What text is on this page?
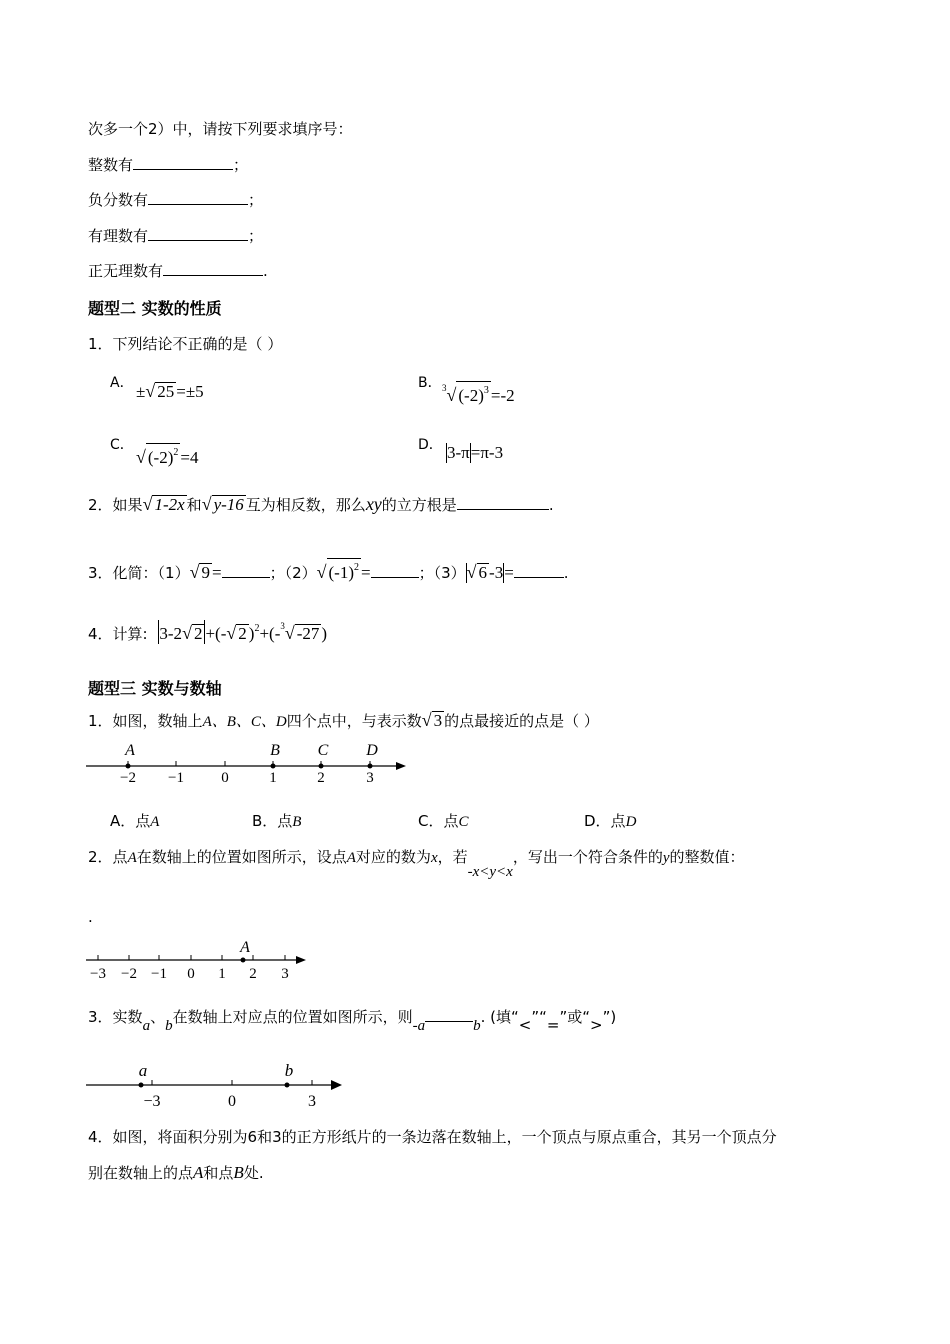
次多一个2）中，请按下列要求填序号：
整数有	；
负分数有	；
有理数有	；
正无理数有	.
题型二 实数的性质
1．下列结论不正确的是（ ）
A． ±√ 25 =±5	B． $^3$√ $(-2)^3 =-2$
C．
√ $(-2)^2 =4$
D． 3-π=π-3
2．如果√ 1-2x 和√ y-16 互为相反数，那么xy的立方根是	.
3．化简：（1）√ 9 =	；（2）√ $(-1)^2$ =	；（3）√ 6 -3=	.
4．计算: 3-2√ 2 +(-√ 2 )$^2$+(-$^3$√ -27 )
题型三 实数与数轴
1．如图，数轴上A、B、C、D四个点中，与表示数√ 3 的点最接近的点是（ ）
−2 −1 0	1	2	3
A	B C D
A．点A	B．点B	C．点C	D．点D
2．点A在数轴上的位置如图所示，设点A对应的数为x，若-x<y<x，写出一个符合条件的y的整数值：
.
−3 −2 −1 0 1 2 3
A
3．实数a、b在数轴上对应点的位置如图所示，则-a	b. (填“<”“=”或“>”)
−3	0	3
a	b
4．如图，将面积分别为6和3的正方形纸片的一条边落在数轴上，一个顶点与原点重合，其另一个顶点分
别在数轴上的点A和点B处.
